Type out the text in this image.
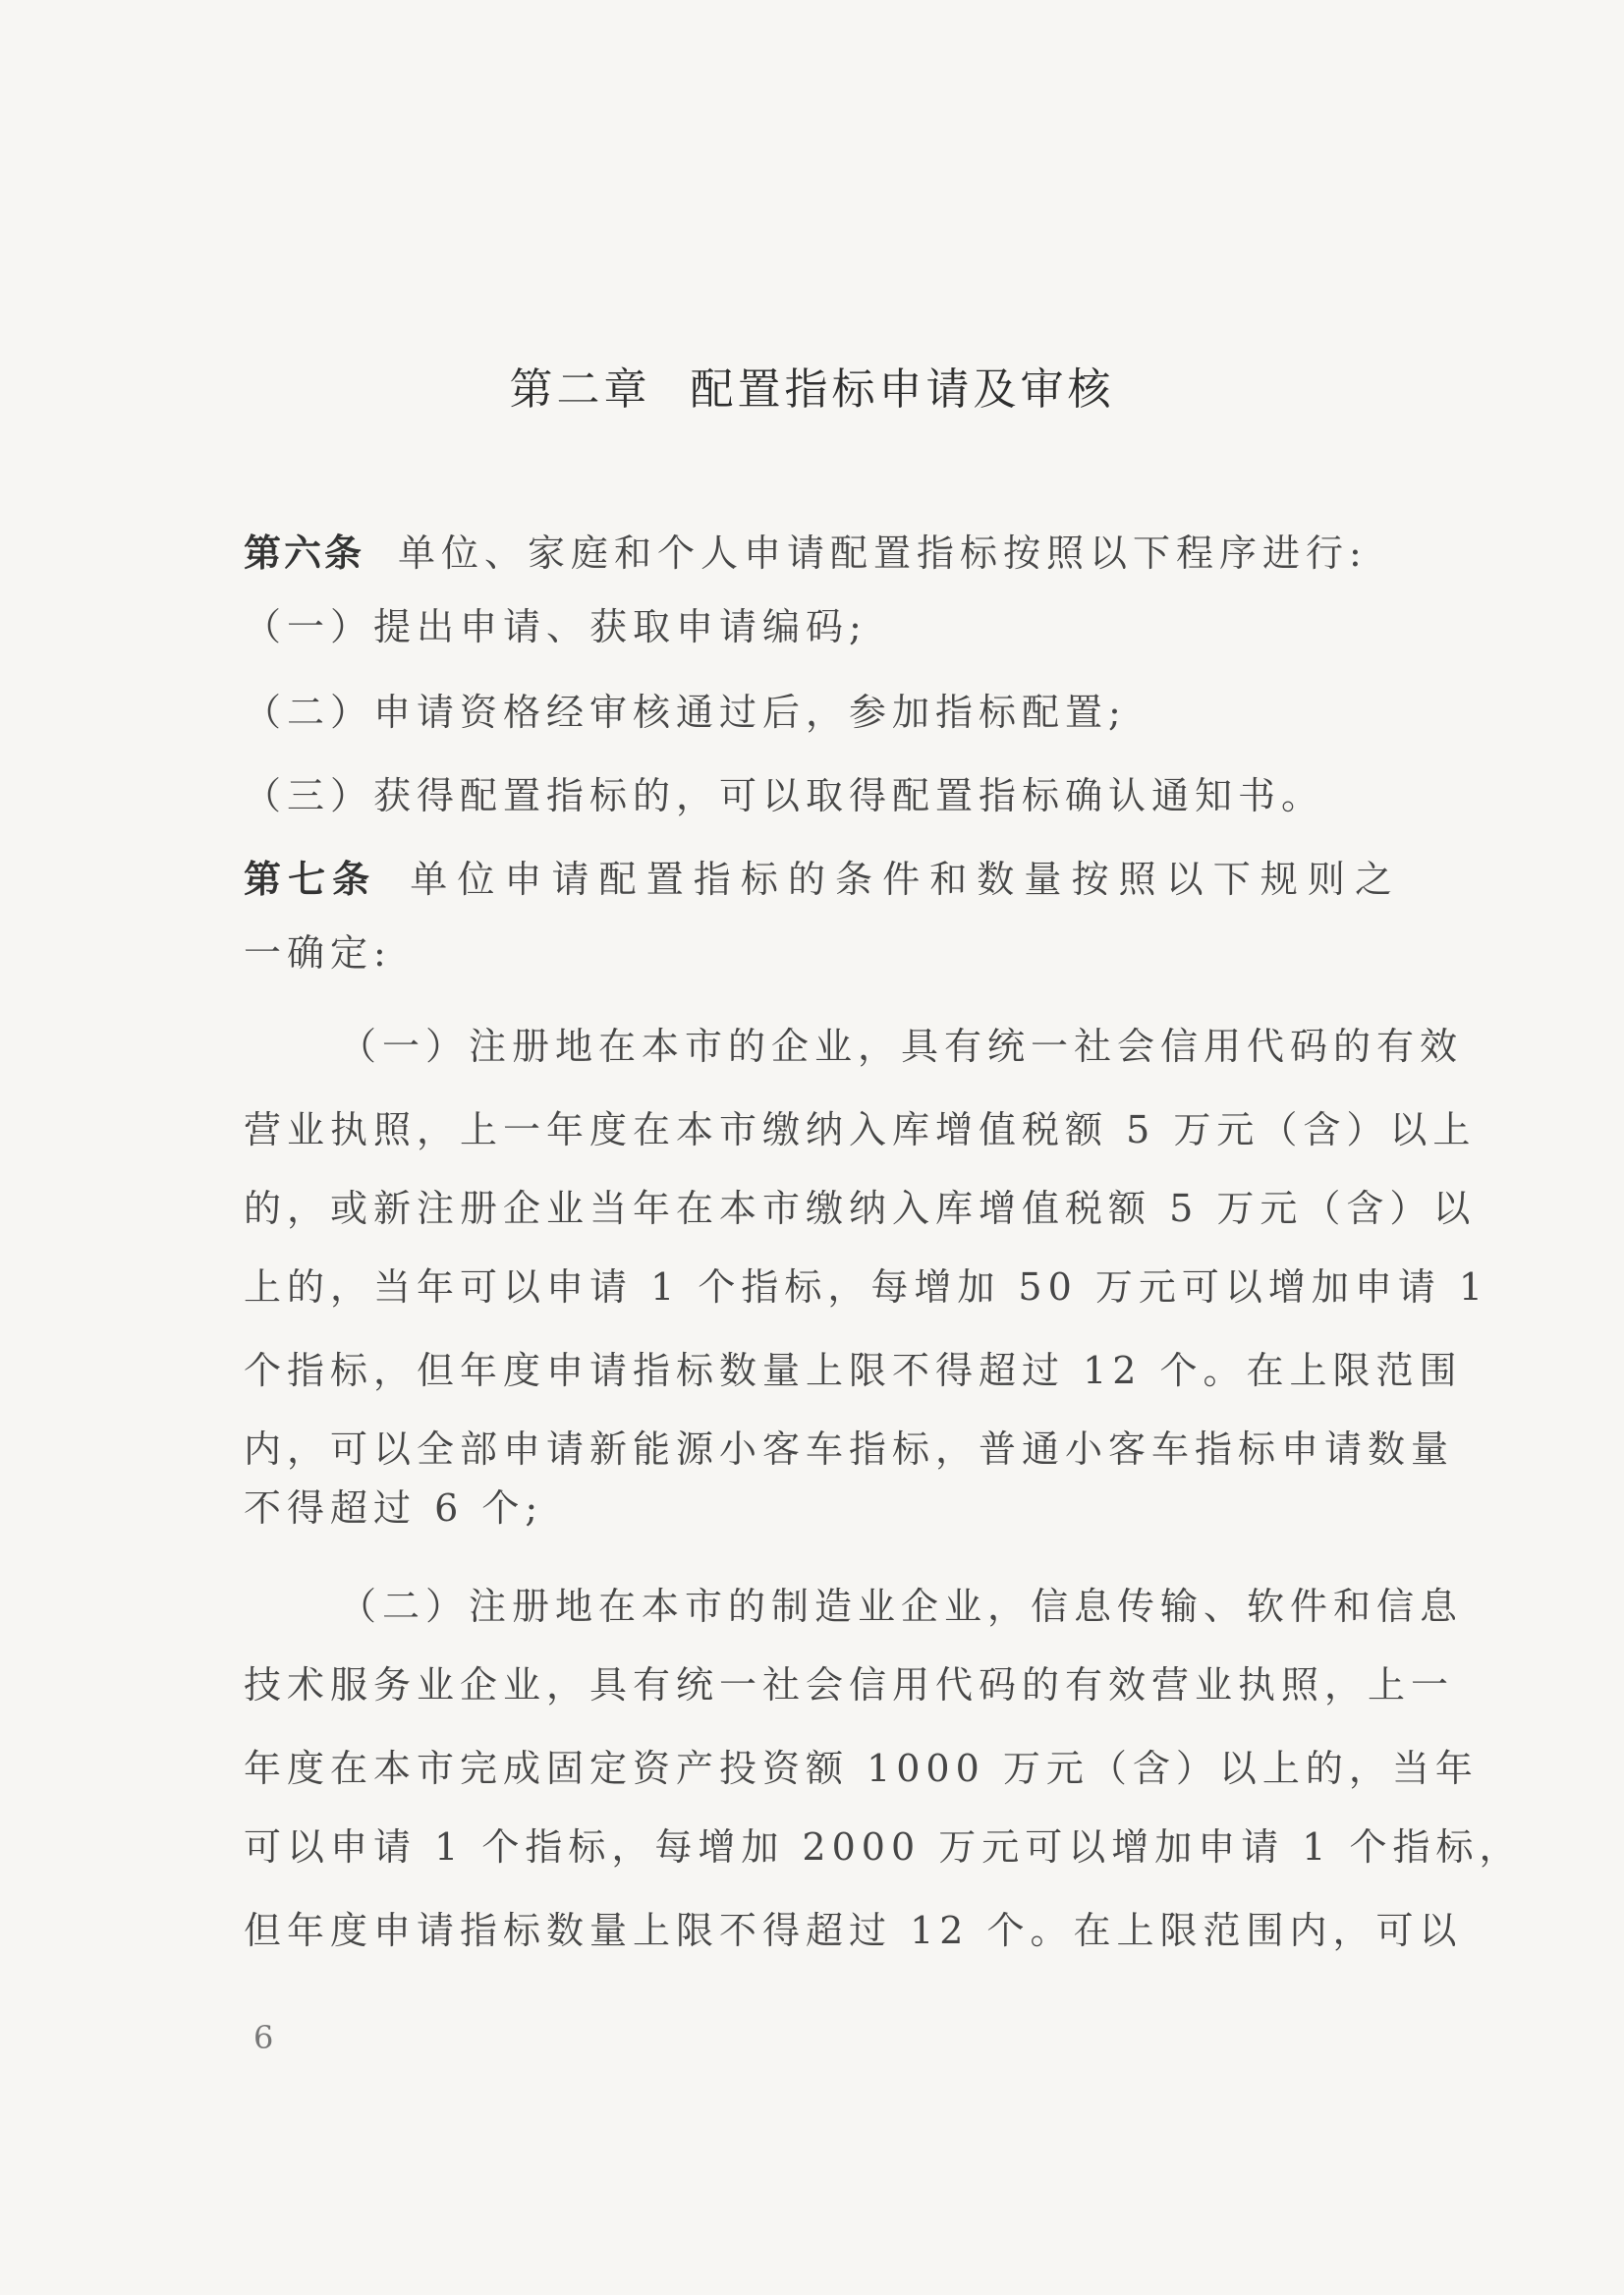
第二章 配置指标申请及审核
第六条 单位、家庭和个人申请配置指标按照以下程序进行:
（一）提出申请、获取申请编码;
（二）申请资格经审核通过后，参加指标配置;
（三）获得配置指标的，可以取得配置指标确认通知书。
第七条 单位申请配置指标的条件和数量按照以下规则之
一确定:
（一）注册地在本市的企业，具有统一社会信用代码的有效
营业执照，上一年度在本市缴纳入库增值税额 5 万元（含）以上
的，或新注册企业当年在本市缴纳入库增值税额 5 万元（含）以
上的，当年可以申请 1 个指标，每增加 50 万元可以增加申请 1
个指标，但年度申请指标数量上限不得超过 12 个。在上限范围
内，可以全部申请新能源小客车指标，普通小客车指标申请数量
不得超过 6 个;
（二）注册地在本市的制造业企业，信息传输、软件和信息
技术服务业企业，具有统一社会信用代码的有效营业执照，上一
年度在本市完成固定资产投资额 1000 万元（含）以上的，当年
可以申请 1 个指标，每增加 2000 万元可以增加申请 1 个指标，
但年度申请指标数量上限不得超过 12 个。在上限范围内，可以
6
